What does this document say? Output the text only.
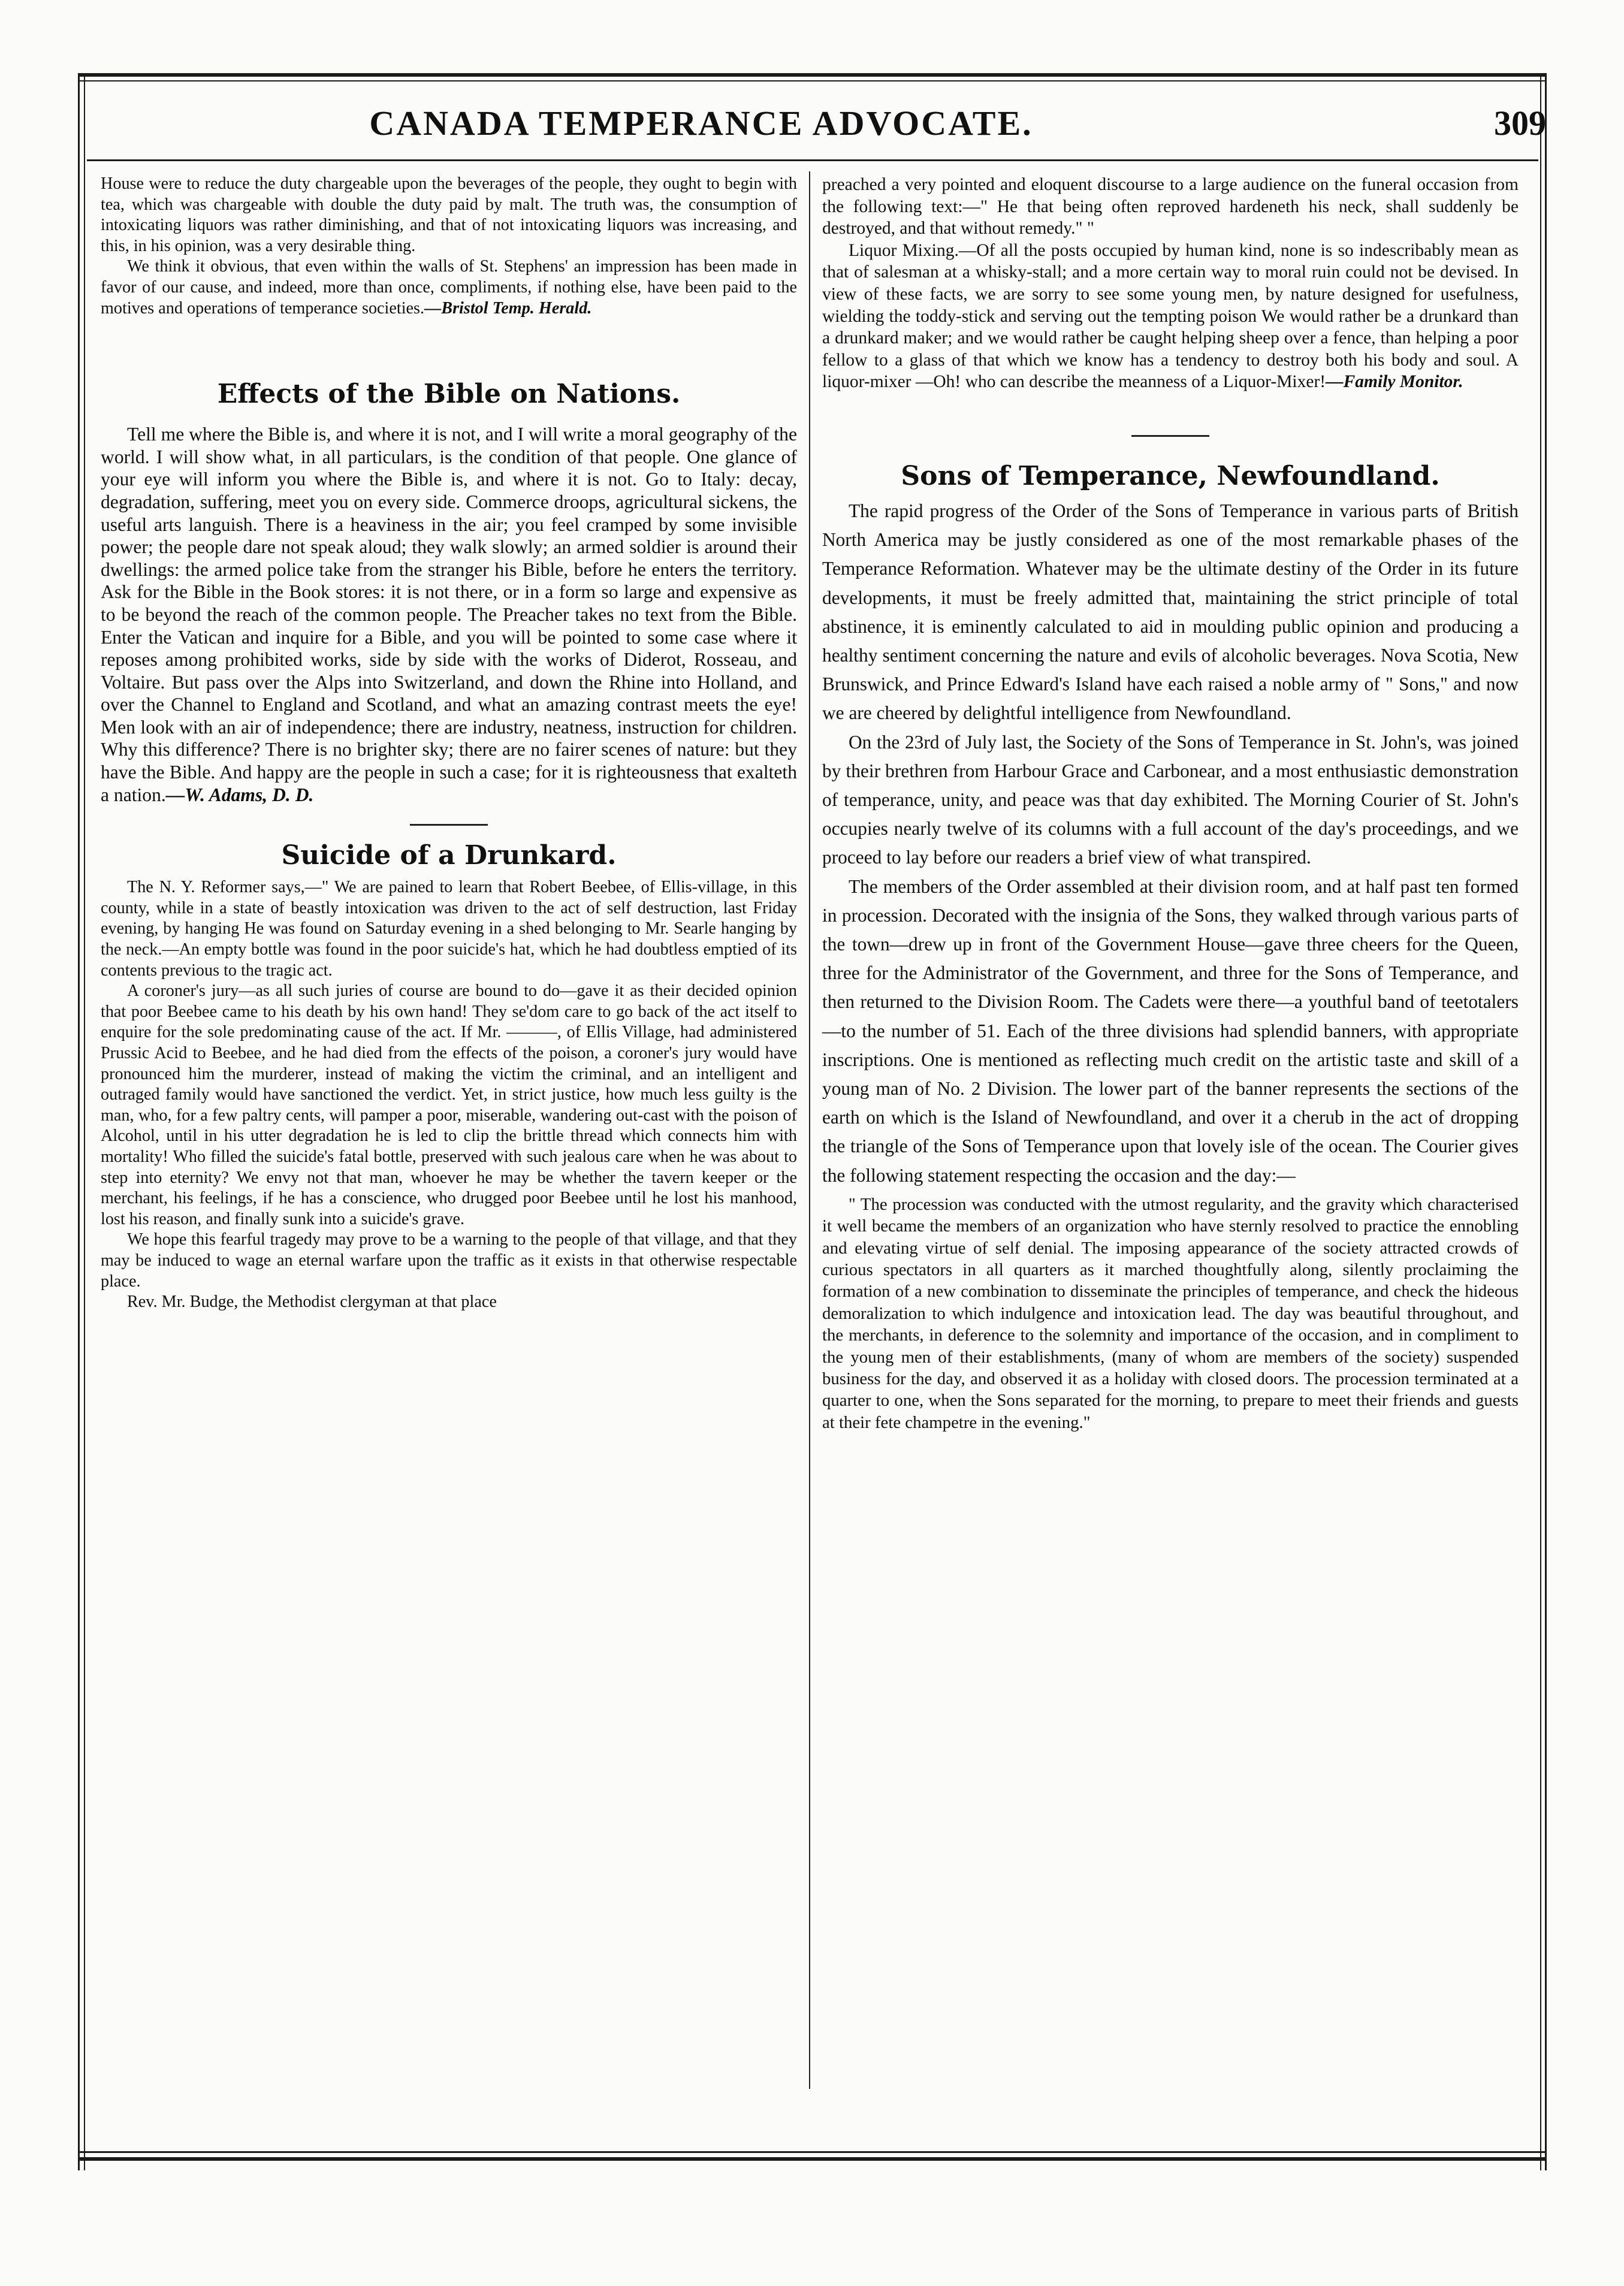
CANADA TEMPERANCE ADVOCATE.	309

House were to reduce the duty chargeable upon the beverages of the people, they ought to begin with tea, which was chargeable with double the duty paid by malt. The truth was, the consumption of intoxicating liquors was rather diminishing, and that of not intoxicating liquors was increasing, and this, in his opinion, was a very desirable thing.

We think it obvious, that even within the walls of St. Stephens' an impression has been made in favor of our cause, and indeed, more than once, compliments, if nothing else, have been paid to the motives and operations of temperance societies.—Bristol Temp. Herald.

Effects of the Bible on Nations.

Tell me where the Bible is, and where it is not, and I will write a moral geography of the world. I will show what, in all particulars, is the condition of that people. One glance of your eye will inform you where the Bible is, and where it is not. Go to Italy: decay, degradation, suffering, meet you on every side. Commerce droops, agricultural sickens, the useful arts languish. There is a heaviness in the air; you feel cramped by some invisible power; the people dare not speak aloud; they walk slowly; an armed soldier is around their dwellings: the armed police take from the stranger his Bible, before he enters the territory. Ask for the Bible in the Book stores: it is not there, or in a form so large and expensive as to be beyond the reach of the common people. The Preacher takes no text from the Bible. Enter the Vatican and inquire for a Bible, and you will be pointed to some case where it reposes among prohibited works, side by side with the works of Diderot, Rosseau, and Voltaire. But pass over the Alps into Switzerland, and down the Rhine into Holland, and over the Channel to England and Scotland, and what an amazing contrast meets the eye! Men look with an air of independence; there are industry, neatness, instruction for children. Why this difference? There is no brighter sky; there are no fairer scenes of nature: but they have the Bible. And happy are the people in such a case; for it is righteousness that exalteth a nation.—W. Adams, D. D.

Suicide of a Drunkard.

The N. Y. Reformer says,—" We are pained to learn that Robert Beebee, of Ellis-village, in this county, while in a state of beastly intoxication was driven to the act of self destruction, last Friday evening, by hanging He was found on Saturday evening in a shed belonging to Mr. Searle hanging by the neck.—An empty bottle was found in the poor suicide's hat, which he had doubtless emptied of its contents previous to the tragic act.

A coroner's jury—as all such juries of course are bound to do—gave it as their decided opinion that poor Beebee came to his death by his own hand! They se'dom care to go back of the act itself to enquire for the sole predominating cause of the act. If Mr. ———, of Ellis Village, had administered Prussic Acid to Beebee, and he had died from the effects of the poison, a coroner's jury would have pronounced him the murderer, instead of making the victim the criminal, and an intelligent and outraged family would have sanctioned the verdict. Yet, in strict justice, how much less guilty is the man, who, for a few paltry cents, will pamper a poor, miserable, wandering out-cast with the poison of Alcohol, until in his utter degradation he is led to clip the brittle thread which connects him with mortality! Who filled the suicide's fatal bottle, preserved with such jealous care when he was about to step into eternity? We envy not that man, whoever he may be whether the tavern keeper or the merchant, his feelings, if he has a conscience, who drugged poor Beebee until he lost his manhood, lost his reason, and finally sunk into a suicide's grave.

We hope this fearful tragedy may prove to be a warning to the people of that village, and that they may be induced to wage an eternal warfare upon the traffic as it exists in that otherwise respectable place.

Rev. Mr. Budge, the Methodist clergyman at that place

preached a very pointed and eloquent discourse to a large audience on the funeral occasion from the following text:—" He that being often reproved hardeneth his neck, shall suddenly be destroyed, and that without remedy." "

Liquor Mixing.—Of all the posts occupied by human kind, none is so indescribably mean as that of salesman at a whisky-stall; and a more certain way to moral ruin could not be devised. In view of these facts, we are sorry to see some young men, by nature designed for usefulness, wielding the toddy-stick and serving out the tempting poison We would rather be a drunkard than a drunkard maker; and we would rather be caught helping sheep over a fence, than helping a poor fellow to a glass of that which we know has a tendency to destroy both his body and soul. A liquor-mixer —Oh! who can describe the meanness of a Liquor-Mixer!—Family Monitor.

Sons of Temperance, Newfoundland.

The rapid progress of the Order of the Sons of Temperance in various parts of British North America may be justly considered as one of the most remarkable phases of the Temperance Reformation. Whatever may be the ultimate destiny of the Order in its future developments, it must be freely admitted that, maintaining the strict principle of total abstinence, it is eminently calculated to aid in moulding public opinion and producing a healthy sentiment concerning the nature and evils of alcoholic beverages. Nova Scotia, New Brunswick, and Prince Edward's Island have each raised a noble army of " Sons," and now we are cheered by delightful intelligence from Newfoundland.

On the 23rd of July last, the Society of the Sons of Temperance in St. John's, was joined by their brethren from Harbour Grace and Carbonear, and a most enthusiastic demonstration of temperance, unity, and peace was that day exhibited. The Morning Courier of St. John's occupies nearly twelve of its columns with a full account of the day's proceedings, and we proceed to lay before our readers a brief view of what transpired.

The members of the Order assembled at their division room, and at half past ten formed in procession. Decorated with the insignia of the Sons, they walked through various parts of the town—drew up in front of the Government House—gave three cheers for the Queen, three for the Administrator of the Government, and three for the Sons of Temperance, and then returned to the Division Room. The Cadets were there—a youthful band of teetotalers—to the number of 51. Each of the three divisions had splendid banners, with appropriate inscriptions. One is mentioned as reflecting much credit on the artistic taste and skill of a young man of No. 2 Division. The lower part of the banner represents the sections of the earth on which is the Island of Newfoundland, and over it a cherub in the act of dropping the triangle of the Sons of Temperance upon that lovely isle of the ocean. The Courier gives the following statement respecting the occasion and the day:—

" The procession was conducted with the utmost regularity, and the gravity which characterised it well became the members of an organization who have sternly resolved to practice the ennobling and elevating virtue of self denial. The imposing appearance of the society attracted crowds of curious spectators in all quarters as it marched thoughtfully along, silently proclaiming the formation of a new combination to disseminate the principles of temperance, and check the hideous demoralization to which indulgence and intoxication lead. The day was beautiful throughout, and the merchants, in deference to the solemnity and importance of the occasion, and in compliment to the young men of their establishments, (many of whom are members of the society) suspended business for the day, and observed it as a holiday with closed doors. The procession terminated at a quarter to one, when the Sons separated for the morning, to prepare to meet their friends and guests at their fete champetre in the evening."
